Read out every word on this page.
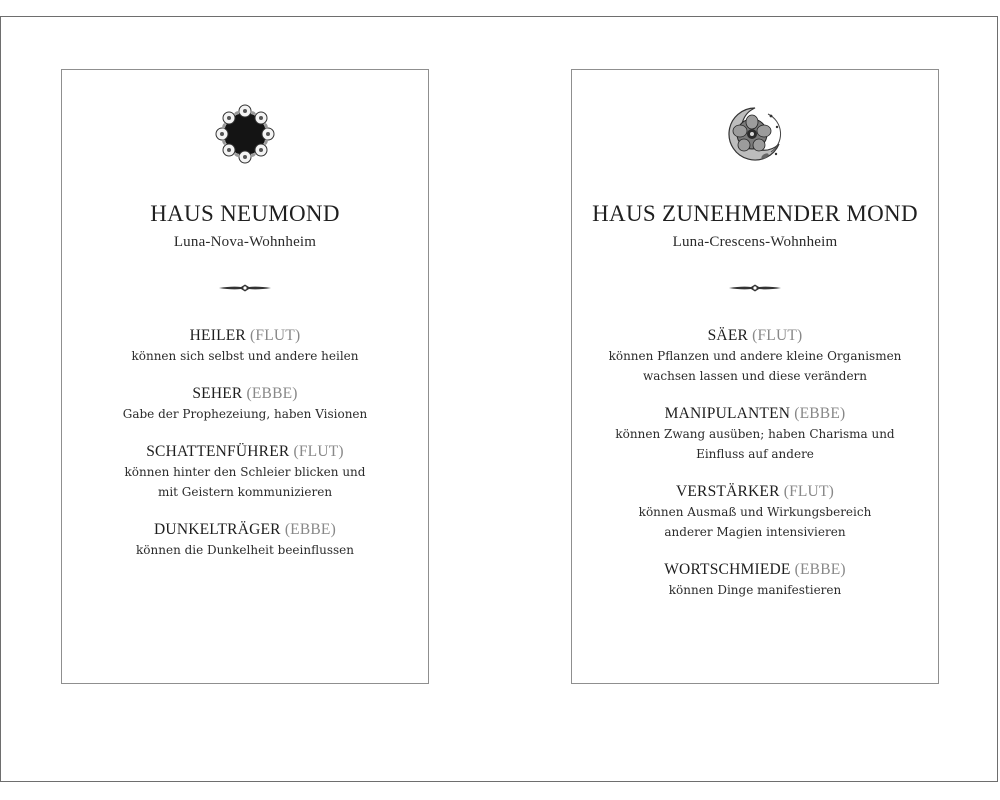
HAUS NEUMOND
Luna-Nova-Wohnheim
HEILER (FLUT)
können sich selbst und andere heilen
SEHER (EBBE)
Gabe der Prophezeiung, haben Visionen
SCHATTENFÜHRER (FLUT)
können hinter den Schleier blicken und
mit Geistern kommunizieren
DUNKELTRÄGER (EBBE)
können die Dunkelheit beeinflussen
HAUS ZUNEHMENDER MOND
Luna-Crescens-Wohnheim
SÄER (FLUT)
können Pflanzen und andere kleine Organismen
wachsen lassen und diese verändern
MANIPULANTEN (EBBE)
können Zwang ausüben; haben Charisma und
Einfluss auf andere
VERSTÄRKER (FLUT)
können Ausmaß und Wirkungsbereich
anderer Magien intensivieren
WORTSCHMIEDE (EBBE)
können Dinge manifestieren
